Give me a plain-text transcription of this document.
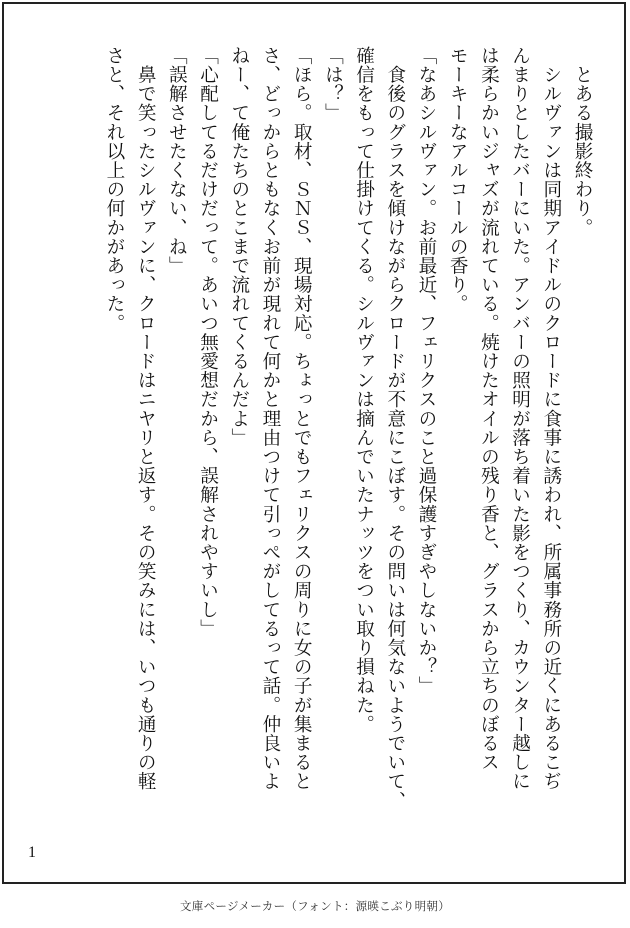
　とある撮影終わり。

　シルヴァンは同期アイドルのクロードに食事に誘われ、所属事務所の近くにあるこぢ

んまりとしたバーにいた。アンバーの照明が落ち着いた影をつくり、カウンター越しに

は柔らかいジャズが流れている。焼けたオイルの残り香と、グラスから立ちのぼるス

モーキーなアルコールの香り。

「なあシルヴァン。お前最近、フェリクスのこと過保護すぎやしないか？」

　食後のグラスを傾けながらクロードが不意にこぼす。その問いは何気ないようでいて、

確信をもって仕掛けてくる。シルヴァンは摘んでいたナッツをつい取り損ねた。

「は？」

「ほら。取材、ＳＮＳ、現場対応。ちょっとでもフェリクスの周りに女の子が集まると

さ、どっからともなくお前が現れて何かと理由つけて引っぺがしてるって話。仲良いよ

ねー、て俺たちのとこまで流れてくるんだよ」

「心配してるだけだって。あいつ無愛想だから、誤解されやすいし」

「誤解させたくない、ね」

　鼻で笑ったシルヴァンに、クロードはニヤリと返す。その笑みには、いつも通りの軽

さと、それ以上の何かがあった。

1
文庫ページメーカー（フォント：源暎こぶり明朝）
